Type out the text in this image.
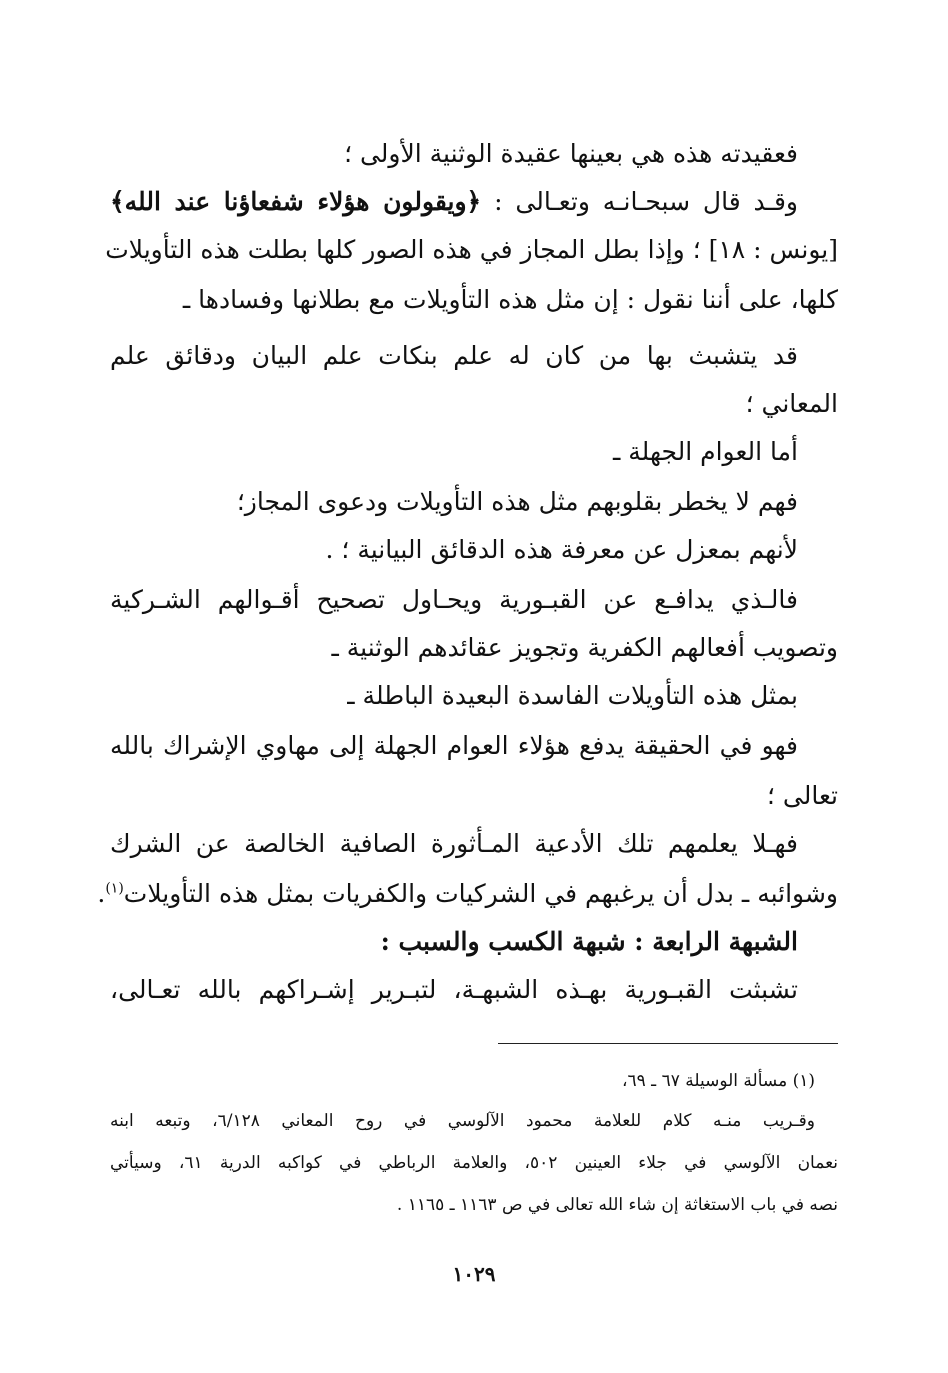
فعقيدته هذه هي بعينها عقيدة الوثنية الأولى ؛
وقـد قال سبحـانـه وتعـالى : ﴿ويقولون هؤلاء شفعاؤنا عند الله﴾
[يونس : ١٨] ؛ وإذا بطل المجاز في هذه الصور كلها بطلت هذه التأويلات
كلها، على أننا نقول : إن مثل هذه التأويلات مع بطلانها وفسادها ـ
قد يتشبث بها من كان له علم بنكات علم البيان ودقائق علم
المعاني ؛
أما العوام الجهلة ـ
فهم لا يخطر بقلوبهم مثل هذه التأويلات ودعوى المجاز؛
لأنهم بمعزل عن معرفة هذه الدقائق البيانية ؛ .
فالـذي يدافـع عن القبـورية ويحـاول تصحيح أقـوالهم الشـركية
وتصويب أفعالهم الكفرية وتجويز عقائدهم الوثنية ـ
بمثل هذه التأويلات الفاسدة البعيدة الباطلة ـ
فهو في الحقيقة يدفع هؤلاء العوام الجهلة إلى مهاوي الإشراك بالله
تعالى ؛
فهـلا يعلمهم تلك الأدعية المـأثورة الصافية الخالصة عن الشرك
وشوائبه ـ بدل أن يرغبهم في الشركيات والكفريات بمثل هذه التأويلات$^{(١)}$.
الشبهة الرابعة : شبهة الكسب والسبب :
تشبثت القبـورية بهـذه الشبهـة، لتبـرير إشـراكهم بالله تعـالى،
(١) مسألة الوسيلة ٦٧ ـ ٦٩،
وقـريب منـه كلام للعلامة محمود الآلوسي في روح المعاني ٦/١٢٨، وتبعه ابنه
نعمان الآلوسي في جلاء العينين ٥٠٢، والعلامة الرباطي في كواكبه الدرية ٦١، وسيأتي
نصه في باب الاستغاثة إن شاء الله تعالى في ص ١١٦٣ ـ ١١٦٥ .
١٠٢٩
